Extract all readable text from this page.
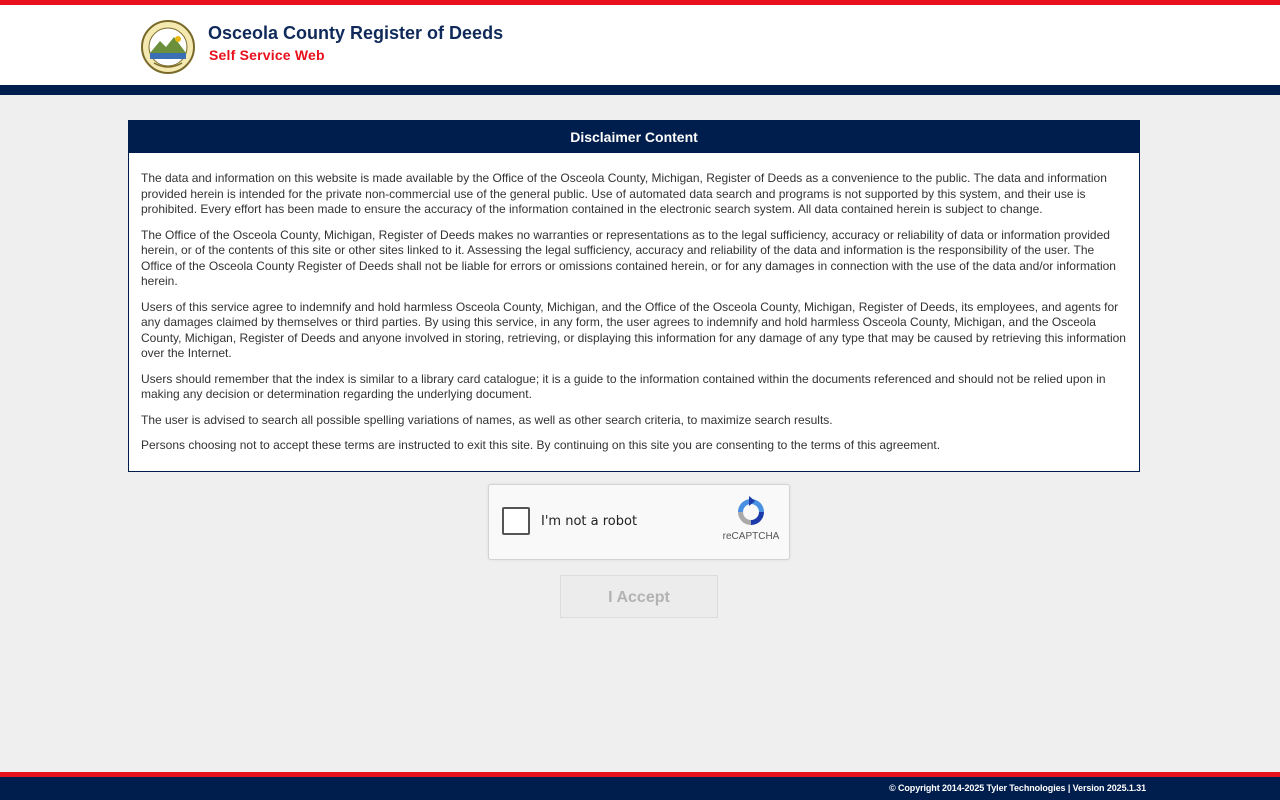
Osceola County Register of Deeds
Self Service Web
Disclaimer Content

The data and information on this website is made available by the Office of the Osceola County, Michigan, Register of Deeds as a convenience to the public. The data and information provided herein is intended for the private non-commercial use of the general public. Use of automated data search and programs is not supported by this system, and their use is prohibited. Every effort has been made to ensure the accuracy of the information contained in the electronic search system. All data contained herein is subject to change.

The Office of the Osceola County, Michigan, Register of Deeds makes no warranties or representations as to the legal sufficiency, accuracy or reliability of data or information provided herein, or of the contents of this site or other sites linked to it. Assessing the legal sufficiency, accuracy and reliability of the data and information is the responsibility of the user. The Office of the Osceola County Register of Deeds shall not be liable for errors or omissions contained herein, or for any damages in connection with the use of the data and/or information herein.

Users of this service agree to indemnify and hold harmless Osceola County, Michigan, and the Office of the Osceola County, Michigan, Register of Deeds, its employees, and agents for any damages claimed by themselves or third parties. By using this service, in any form, the user agrees to indemnify and hold harmless Osceola County, Michigan, and the Osceola County, Michigan, Register of Deeds and anyone involved in storing, retrieving, or displaying this information for any damage of any type that may be caused by retrieving this information over the Internet.

Users should remember that the index is similar to a library card catalogue; it is a guide to the information contained within the documents referenced and should not be relied upon in making any decision or determination regarding the underlying document.

The user is advised to search all possible spelling variations of names, as well as other search criteria, to maximize search results.

Persons choosing not to accept these terms are instructed to exit this site. By continuing on this site you are consenting to the terms of this agreement.

I'm not a robot
reCAPTCHA
I Accept
© Copyright 2014-2025 Tyler Technologies | Version 2025.1.31
